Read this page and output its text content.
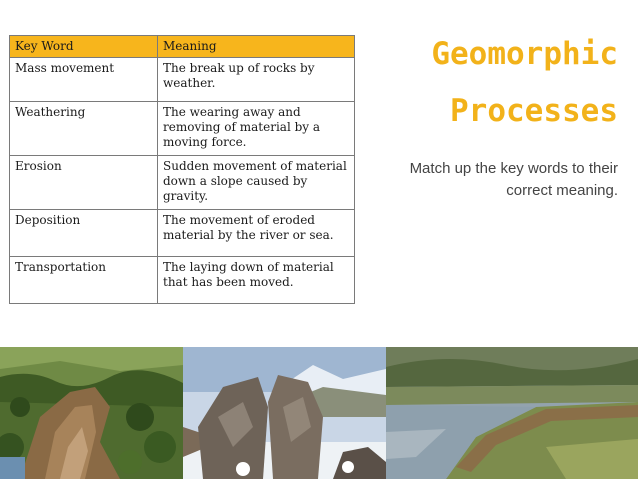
Key Word	Meaning
Mass movement	The break up of rocks by weather.
Weathering	The wearing away and removing of material by a moving force.
Erosion	Sudden movement of material down a slope caused by gravity.
Deposition	The movement of eroded material by the river or sea.
Transportation	The laying down of material that has been moved.
Geomorphic
Processes
Match up the key words to their correct meaning.
